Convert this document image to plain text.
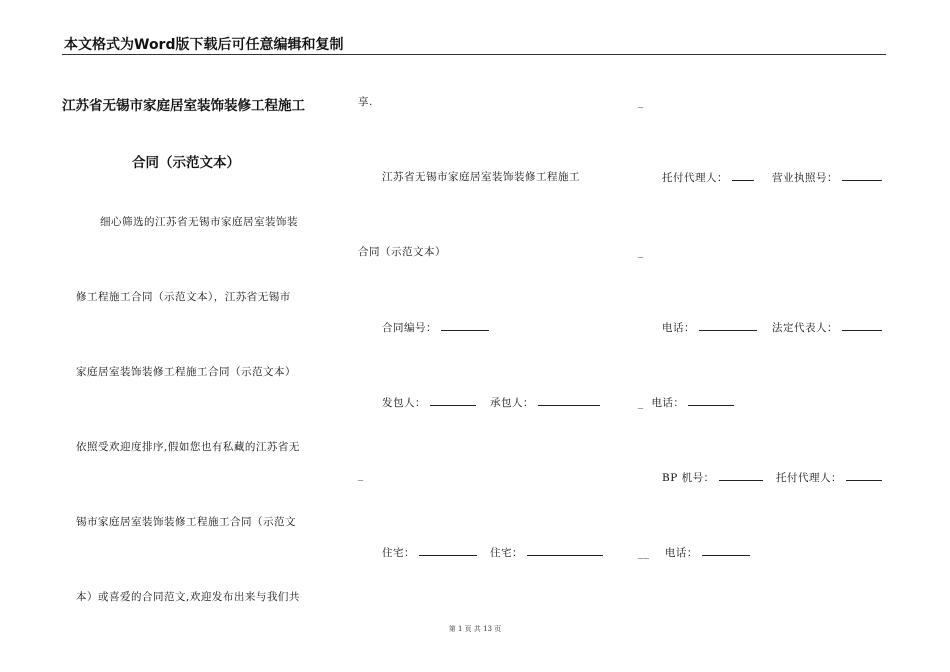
本文格式为Word版下载后可任意编辑和复制
江苏省无锡市家庭居室装饰装修工程施工
合同（示范文本）
细心筛选的江苏省无锡市家庭居室装饰装
修工程施工合同（示范文本），江苏省无锡市
家庭居室装饰装修工程施工合同（示范文本）
依照受欢迎度排序,假如您也有私藏的江苏省无
锡市家庭居室装饰装修工程施工合同（示范文
本）或喜爱的合同范文,欢迎发布出来与我们共
享.
江苏省无锡市家庭居室装饰装修工程施工
合同（示范文本）
合同编号：
发包人：	承包人：
_
住宅：	住宅：
_
托付代理人：	营业执照号：
_
电话：	法定代表人：
_ 电话：
BP 机号：	托付代理人：
__ 电话：
第 1 页 共 13 页
